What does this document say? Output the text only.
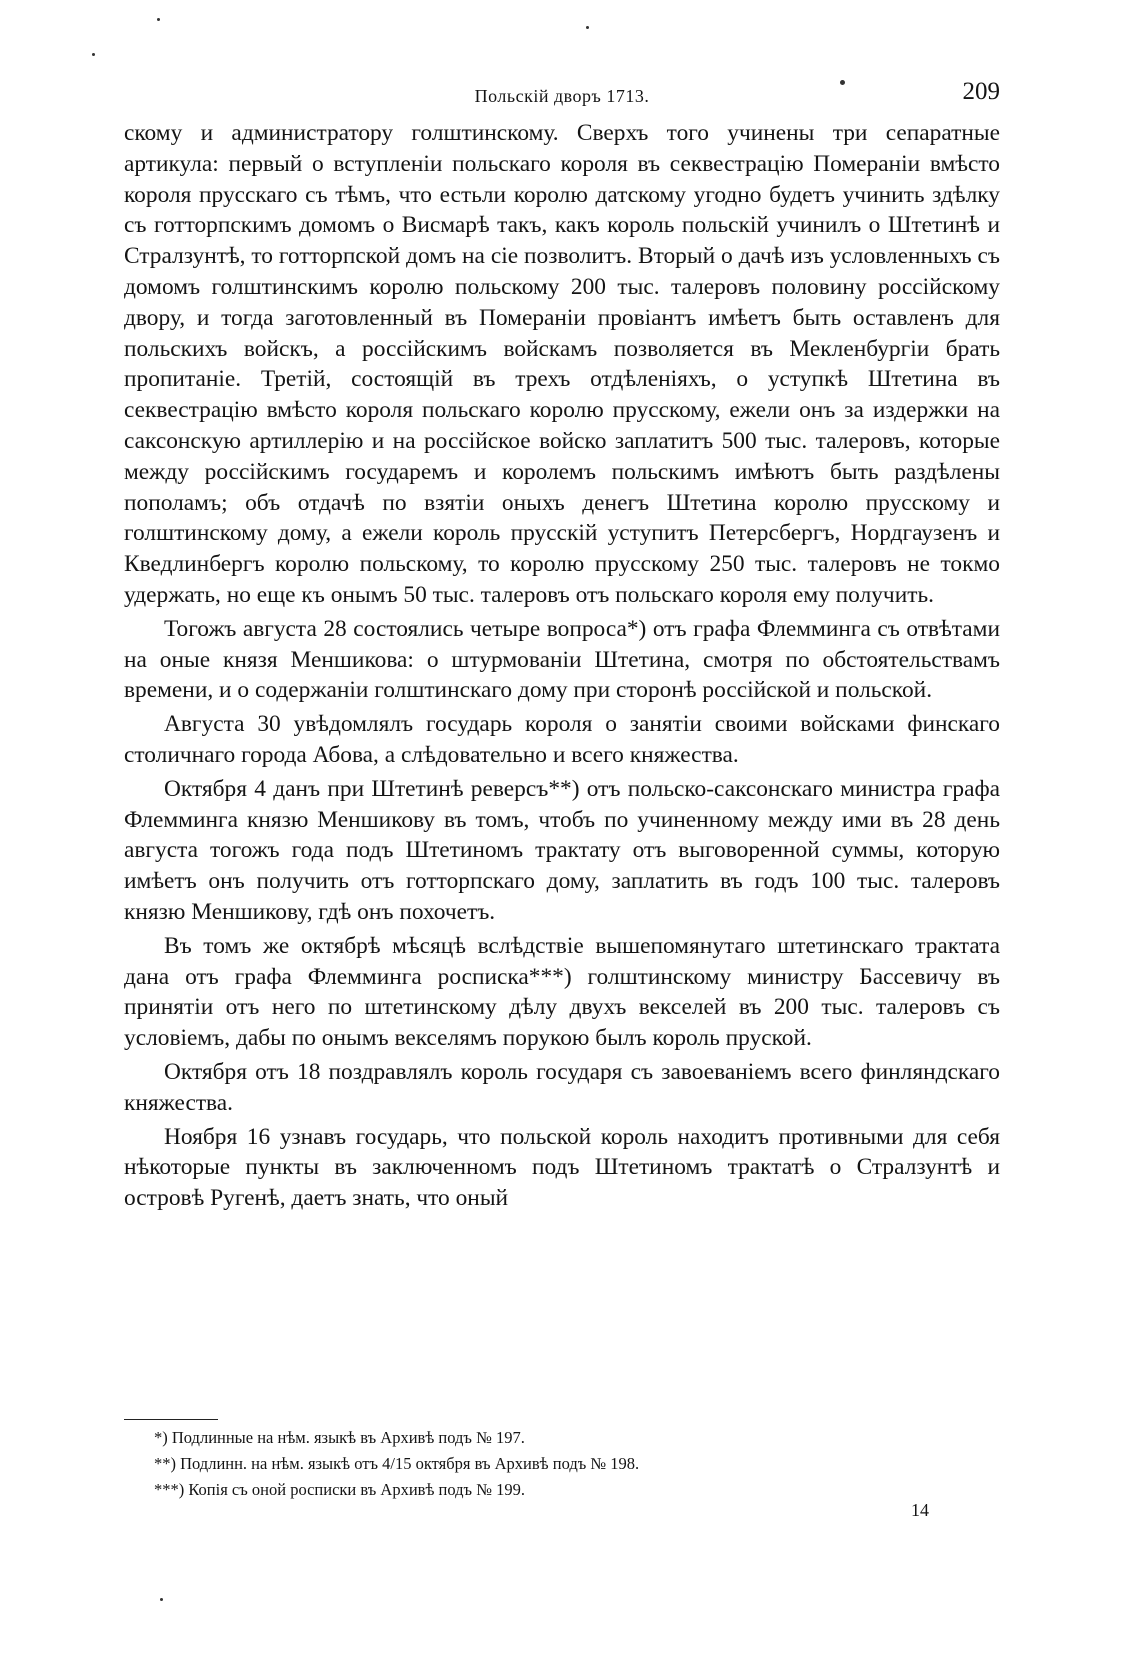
Польскій дворъ 1713.	209

скому и администратору голштинскому. Сверхъ того учинены три сепаратные артикула: первый о вступленіи польскаго короля въ секвестрацію Помераніи вмѣсто короля прусскаго съ тѣмъ, что естьли королю датскому угодно будетъ учинить здѣлку съ готторпскимъ домомъ о Висмарѣ такъ, какъ король польскій учинилъ о Штетинѣ и Стралзунтѣ, то готторпской домъ на сіе позволитъ. Вторый о дачѣ изъ условленныхъ съ домомъ голштинскимъ королю польскому 200 тыс. талеровъ половину россійскому двору, и тогда заготовленный въ Помераніи провіантъ имѣетъ быть оставленъ для польскихъ войскъ, а россійскимъ войскамъ позволяется въ Мекленбургіи брать пропитаніе. Третій, состоящій въ трехъ отдѣленіяхъ, о уступкѣ Штетина въ секвестрацію вмѣсто короля польскаго королю прусскому, ежели онъ за издержки на саксонскую артиллерію и на россійское войско заплатитъ 500 тыс. талеровъ, которые между россійскимъ государемъ и королемъ польскимъ имѣютъ быть раздѣлены пополамъ; объ отдачѣ по взятіи оныхъ денегъ Штетина королю прусскому и голштинскому дому, а ежели король прусскій уступитъ Петерсбергъ, Нордгаузенъ и Кведлинбергъ королю польскому, то королю прусскому 250 тыс. талеровъ не токмо удержать, но еще къ онымъ 50 тыс. талеровъ отъ польскаго короля ему получить.

Тогожъ августа 28 состоялись четыре вопроса*) отъ графа Флемминга съ отвѣтами на оные князя Меншикова: о штурмованіи Штетина, смотря по обстоятельствамъ времени, и о содержаніи голштинскаго дому при сторонѣ россійской и польской.

Августа 30 увѣдомлялъ государь короля о занятіи своими войсками финскаго столичнаго города Абова, а слѣдовательно и всего княжества.

Октября 4 данъ при Штетинѣ реверсъ**) отъ польско-саксонскаго министра графа Флемминга князю Меншикову въ томъ, чтобъ по учиненному между ими въ 28 день августа тогожъ года подъ Штетиномъ трактату отъ выговоренной суммы, которую имѣетъ онъ получить отъ готторпскаго дому, заплатить въ годъ 100 тыс. талеровъ князю Меншикову, гдѣ онъ похочетъ.

Въ томъ же октябрѣ мѣсяцѣ вслѣдствіе вышепомянутаго штетинскаго трактата дана отъ графа Флемминга росписка***) голштинскому министру Бассевичу въ принятіи отъ него по штетинскому дѣлу двухъ векселей въ 200 тыс. талеровъ съ условіемъ, дабы по онымъ векселямъ порукою былъ король пруской.

Октября отъ 18 поздравлялъ король государя съ завоеваніемъ всего финляндскаго княжества.

Ноября 16 узнавъ государь, что польской король находитъ противными для себя нѣкоторые пункты въ заключенномъ подъ Штетиномъ трактатѣ о Стралзунтѣ и островѣ Ругенѣ, даетъ знать, что оный

*) Подлинные на нѣм. языкѣ въ Архивѣ подъ № 197.

**) Подлинн. на нѣм. языкѣ отъ 4/15 октября въ Архивѣ подъ № 198.

***) Копія съ оной росписки въ Архивѣ подъ № 199.

14
